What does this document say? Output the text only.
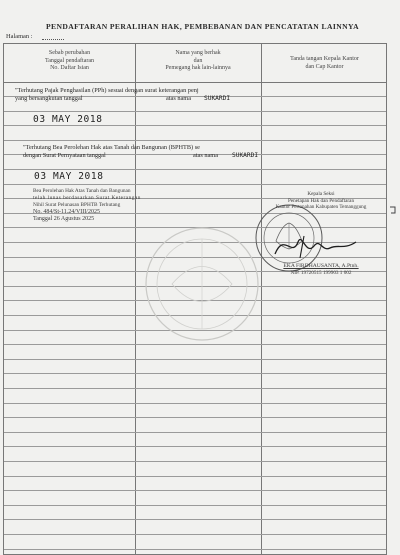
PENDAFTARAN PERALIHAN HAK, PEMBEBANAN DAN PENCATATAN LAINNYA
Halaman :
Sebab perubahan
Tanggal pendaftaran
No. Daftar Isian
Nama yang berhak
dan
Pemegang hak lain-lainnya
Tanda tangan Kepala Kantor
dan Cap Kantor
"Terhutang Pajak Penghasilan (PPh) sesuai dengan surat keterangan penj
yang bersangkutan tanggal	atas nama SUKARDI
03 MAY 2018
"Terhutang Bea Perolehan Hak atas Tanah dan Bangunan (BPHTB) se
dengan Surat Pernyataan tanggal	atas nama SUKARDI
03 MAY 2018
Bea Perolehan Hak Atas Tanah dan Bangunan
telah lunas berdasarkan Surat Keterangan
Nihil Surat Pelunasan BPHTB Terhutang
No. 484/St-11.24/VIII/2025
Tanggal 26 Agustus 2025
Kepala Seksi
Penetapan Hak dan Pendaftaran
Kantor Pertanahan Kabupaten Temanggung
EKA FIRDHAUSANTA, A.Ptnh.
NIP. 19720515 199903 1 002
